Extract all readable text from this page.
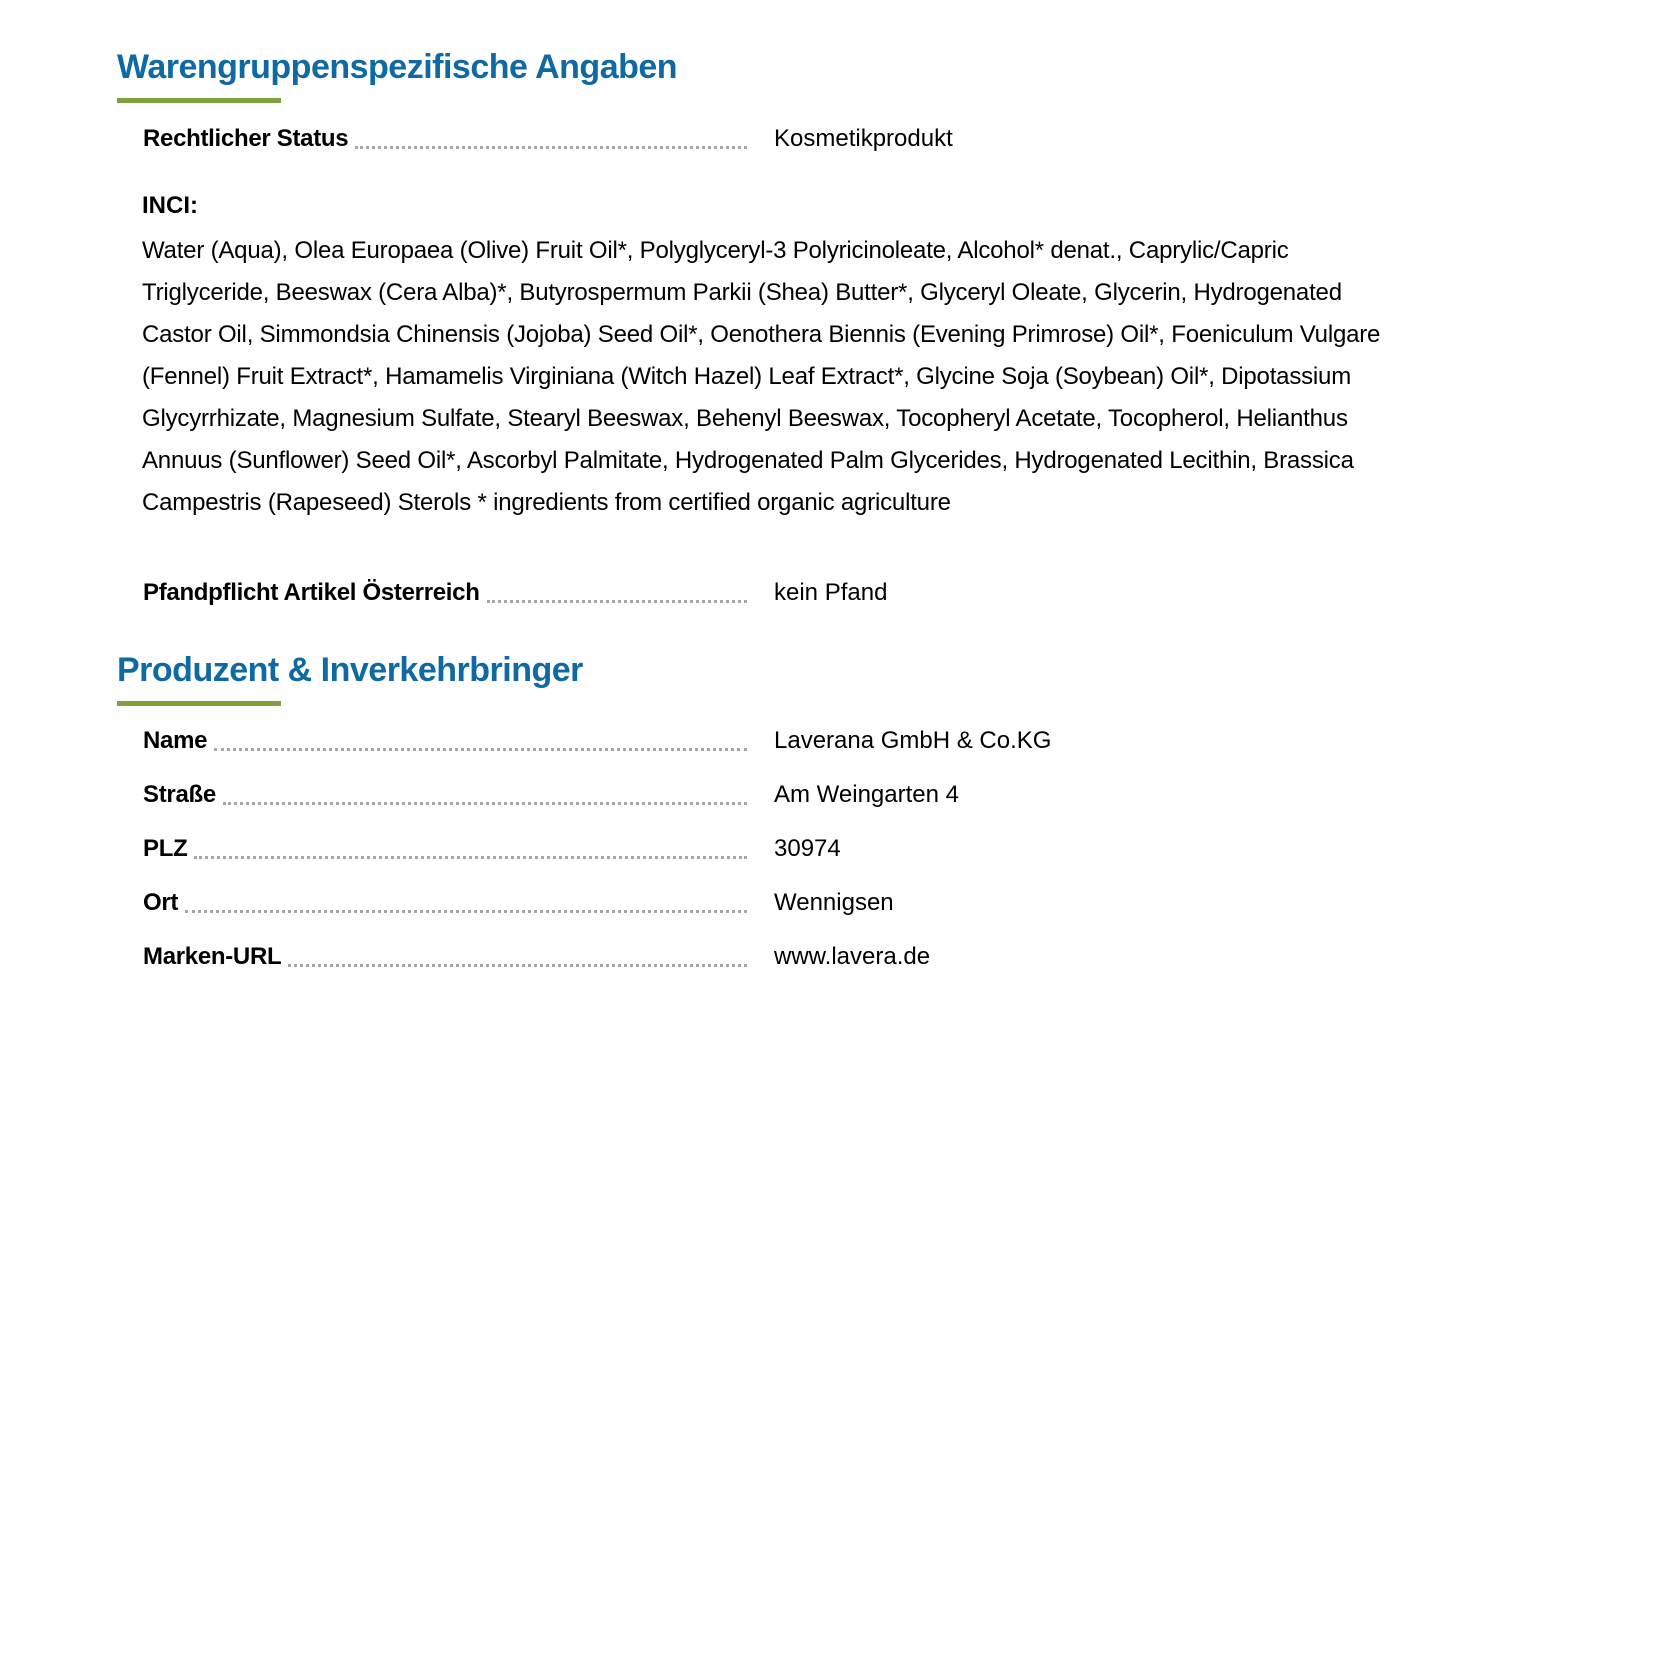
Warengruppenspezifische Angaben
Rechtlicher Status	Kosmetikprodukt
INCI:

Water (Aqua), Olea Europaea (Olive) Fruit Oil*, Polyglyceryl-3 Polyricinoleate, Alcohol* denat., Caprylic/Capric Triglyceride, Beeswax (Cera Alba)*, Butyrospermum Parkii (Shea) Butter*, Glyceryl Oleate, Glycerin, Hydrogenated Castor Oil, Simmondsia Chinensis (Jojoba) Seed Oil*, Oenothera Biennis (Evening Primrose) Oil*, Foeniculum Vulgare (Fennel) Fruit Extract*, Hamamelis Virginiana (Witch Hazel) Leaf Extract*, Glycine Soja (Soybean) Oil*, Dipotassium Glycyrrhizate, Magnesium Sulfate, Stearyl Beeswax, Behenyl Beeswax, Tocopheryl Acetate, Tocopherol, Helianthus Annuus (Sunflower) Seed Oil*, Ascorbyl Palmitate, Hydrogenated Palm Glycerides, Hydrogenated Lecithin, Brassica Campestris (Rapeseed) Sterols * ingredients from certified organic agriculture

Pfandpflicht Artikel Österreich	kein Pfand
Produzent & Inverkehrbringer
Name	Laverana GmbH & Co.KG
Straße	Am Weingarten 4
PLZ	30974
Ort	Wennigsen
Marken-URL	www.lavera.de
